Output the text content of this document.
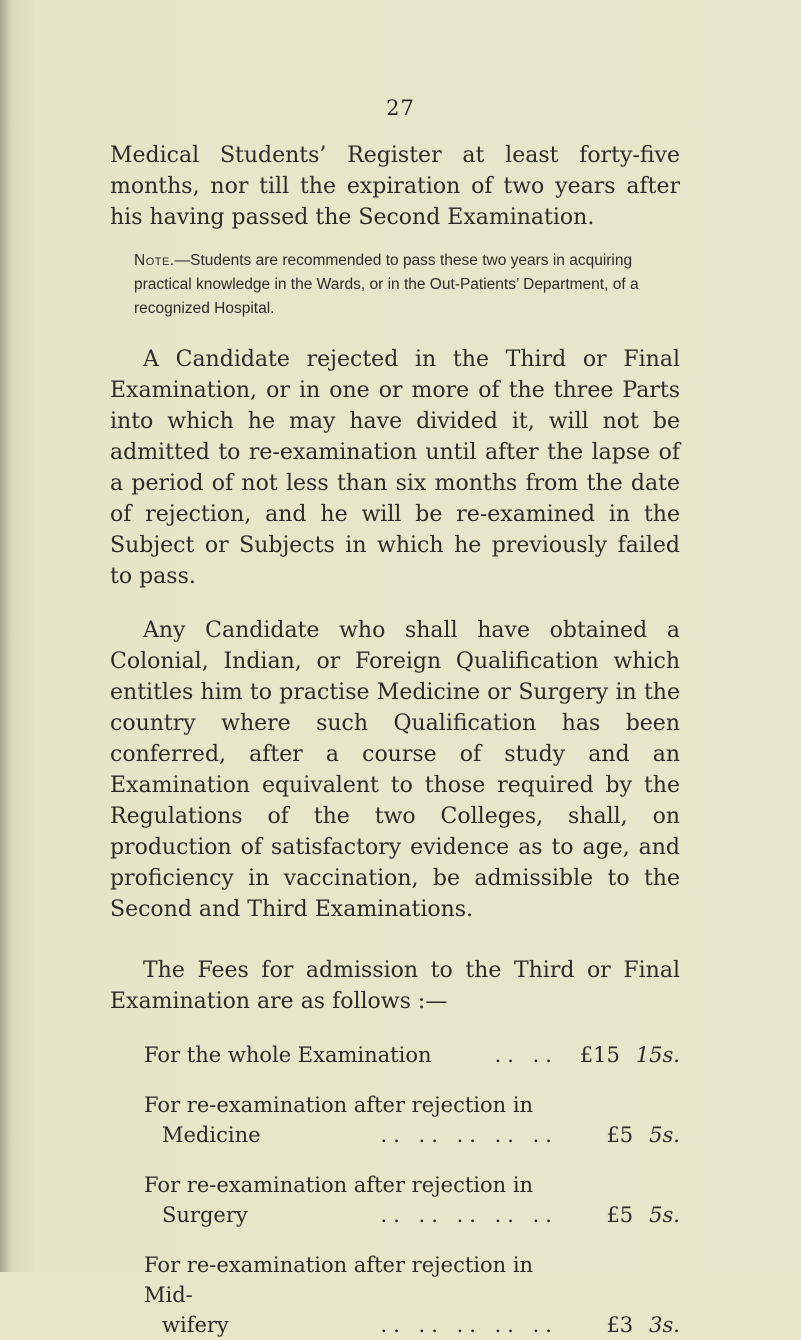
27

Medical Students’ Register at least forty-five months, nor till the expiration of two years after his having passed the Second Examination.

Note.—Students are recommended to pass these two years in acquiring practical knowledge in the Wards, or in the Out-Patients’ Department, of a recognized Hospital.

A Candidate rejected in the Third or Final Examination, or in one or more of the three Parts into which he may have divided it, will not be admitted to re-examination until after the lapse of a period of not less than six months from the date of rejection, and he will be re-examined in the Subject or Subjects in which he previously failed to pass.

Any Candidate who shall have obtained a Colonial, Indian, or Foreign Qualification which entitles him to practise Medicine or Surgery in the country where such Qualification has been conferred, after a course of study and an Examination equivalent to those required by the Regulations of the two Colleges, shall, on production of satisfactory evidence as to age, and proficiency in vaccination, be admissible to the Second and Third Examinations.

The Fees for admission to the Third or Final Examination are as follows :—

For the whole Examination	.. .. £15 15s.
For re-examination after rejection in
Medicine	.. .. .. .. .. £5 5s.
For re-examination after rejection in
Surgery	.. .. .. .. .. £5 5s.
For re-examination after rejection in Mid-
wifery	.. .. .. .. .. £3 3s.
